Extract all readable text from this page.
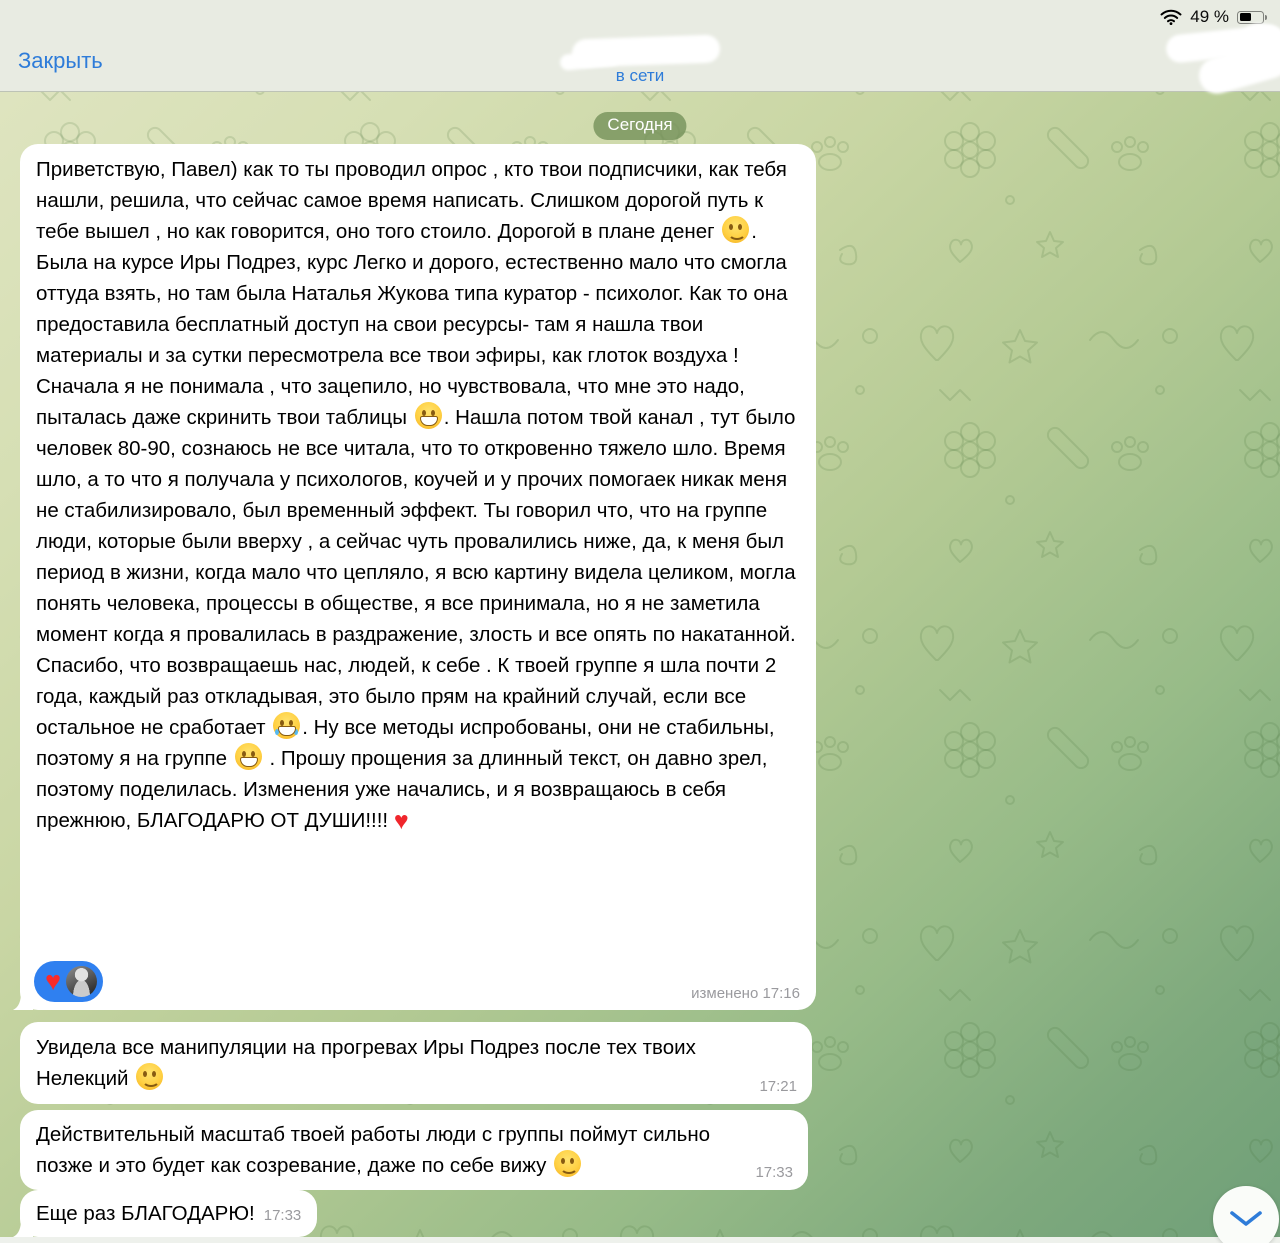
49 %
Закрыть
в сети
Сегодня
Приветствую, Павел) как то ты проводил опрос , кто твои подписчики, как тебя нашли, решила, что сейчас самое время написать. Слишком дорогой путь к тебе вышел , но как говорится, оно того стоило. Дорогой в плане денег . Была на курсе Иры Подрез, курс Легко и дорого, естественно мало что смогла оттуда взять, но там была Наталья Жукова типа куратор - психолог. Как то она предоставила бесплатный доступ на свои ресурсы- там я нашла твои материалы и за сутки пересмотрела все твои эфиры, как глоток воздуха ! Сначала я не понимала , что зацепило, но чувствовала, что мне это надо, пыталась даже скринить твои таблицы . Нашла потом твой канал , тут было человек 80-90, сознаюсь не все читала, что то откровенно тяжело шло. Время шло, а то что я получала у психологов, коучей и у прочих помогаек никак меня не стабилизировало, был временный эффект. Ты говорил что, что на группе люди, которые были вверху , а сейчас чуть провалились ниже, да, к меня был период в жизни, когда мало что цепляло, я всю картину видела целиком, могла понять человека, процессы в обществе, я все принимала, но я не заметила момент когда я провалилась в раздражение, злость и все опять по накатанной. Спасибо, что возвращаешь нас, людей, к себе . К твоей группе я шла почти 2 года, каждый раз откладывая, это было прям на крайний случай, если все остальное не сработает . Ну все методы испробованы, они не стабильны, поэтому я на группе  . Прошу прощения за длинный текст, он давно зрел, поэтому поделилась. Изменения уже начались, и я возвращаюсь в себя прежнюю, БЛАГОДАРЮ ОТ ДУШИ!!!! ♥
♥	изменено 17:16
Увидела все манипуляции на прогревах Иры Подрез после тех твоих Нелекций	17:21
Действительный масштаб твоей работы люди с группы поймут сильно позже и это будет как созревание, даже по себе вижу	17:33
Еще раз БЛАГОДАРЮ! 17:33
